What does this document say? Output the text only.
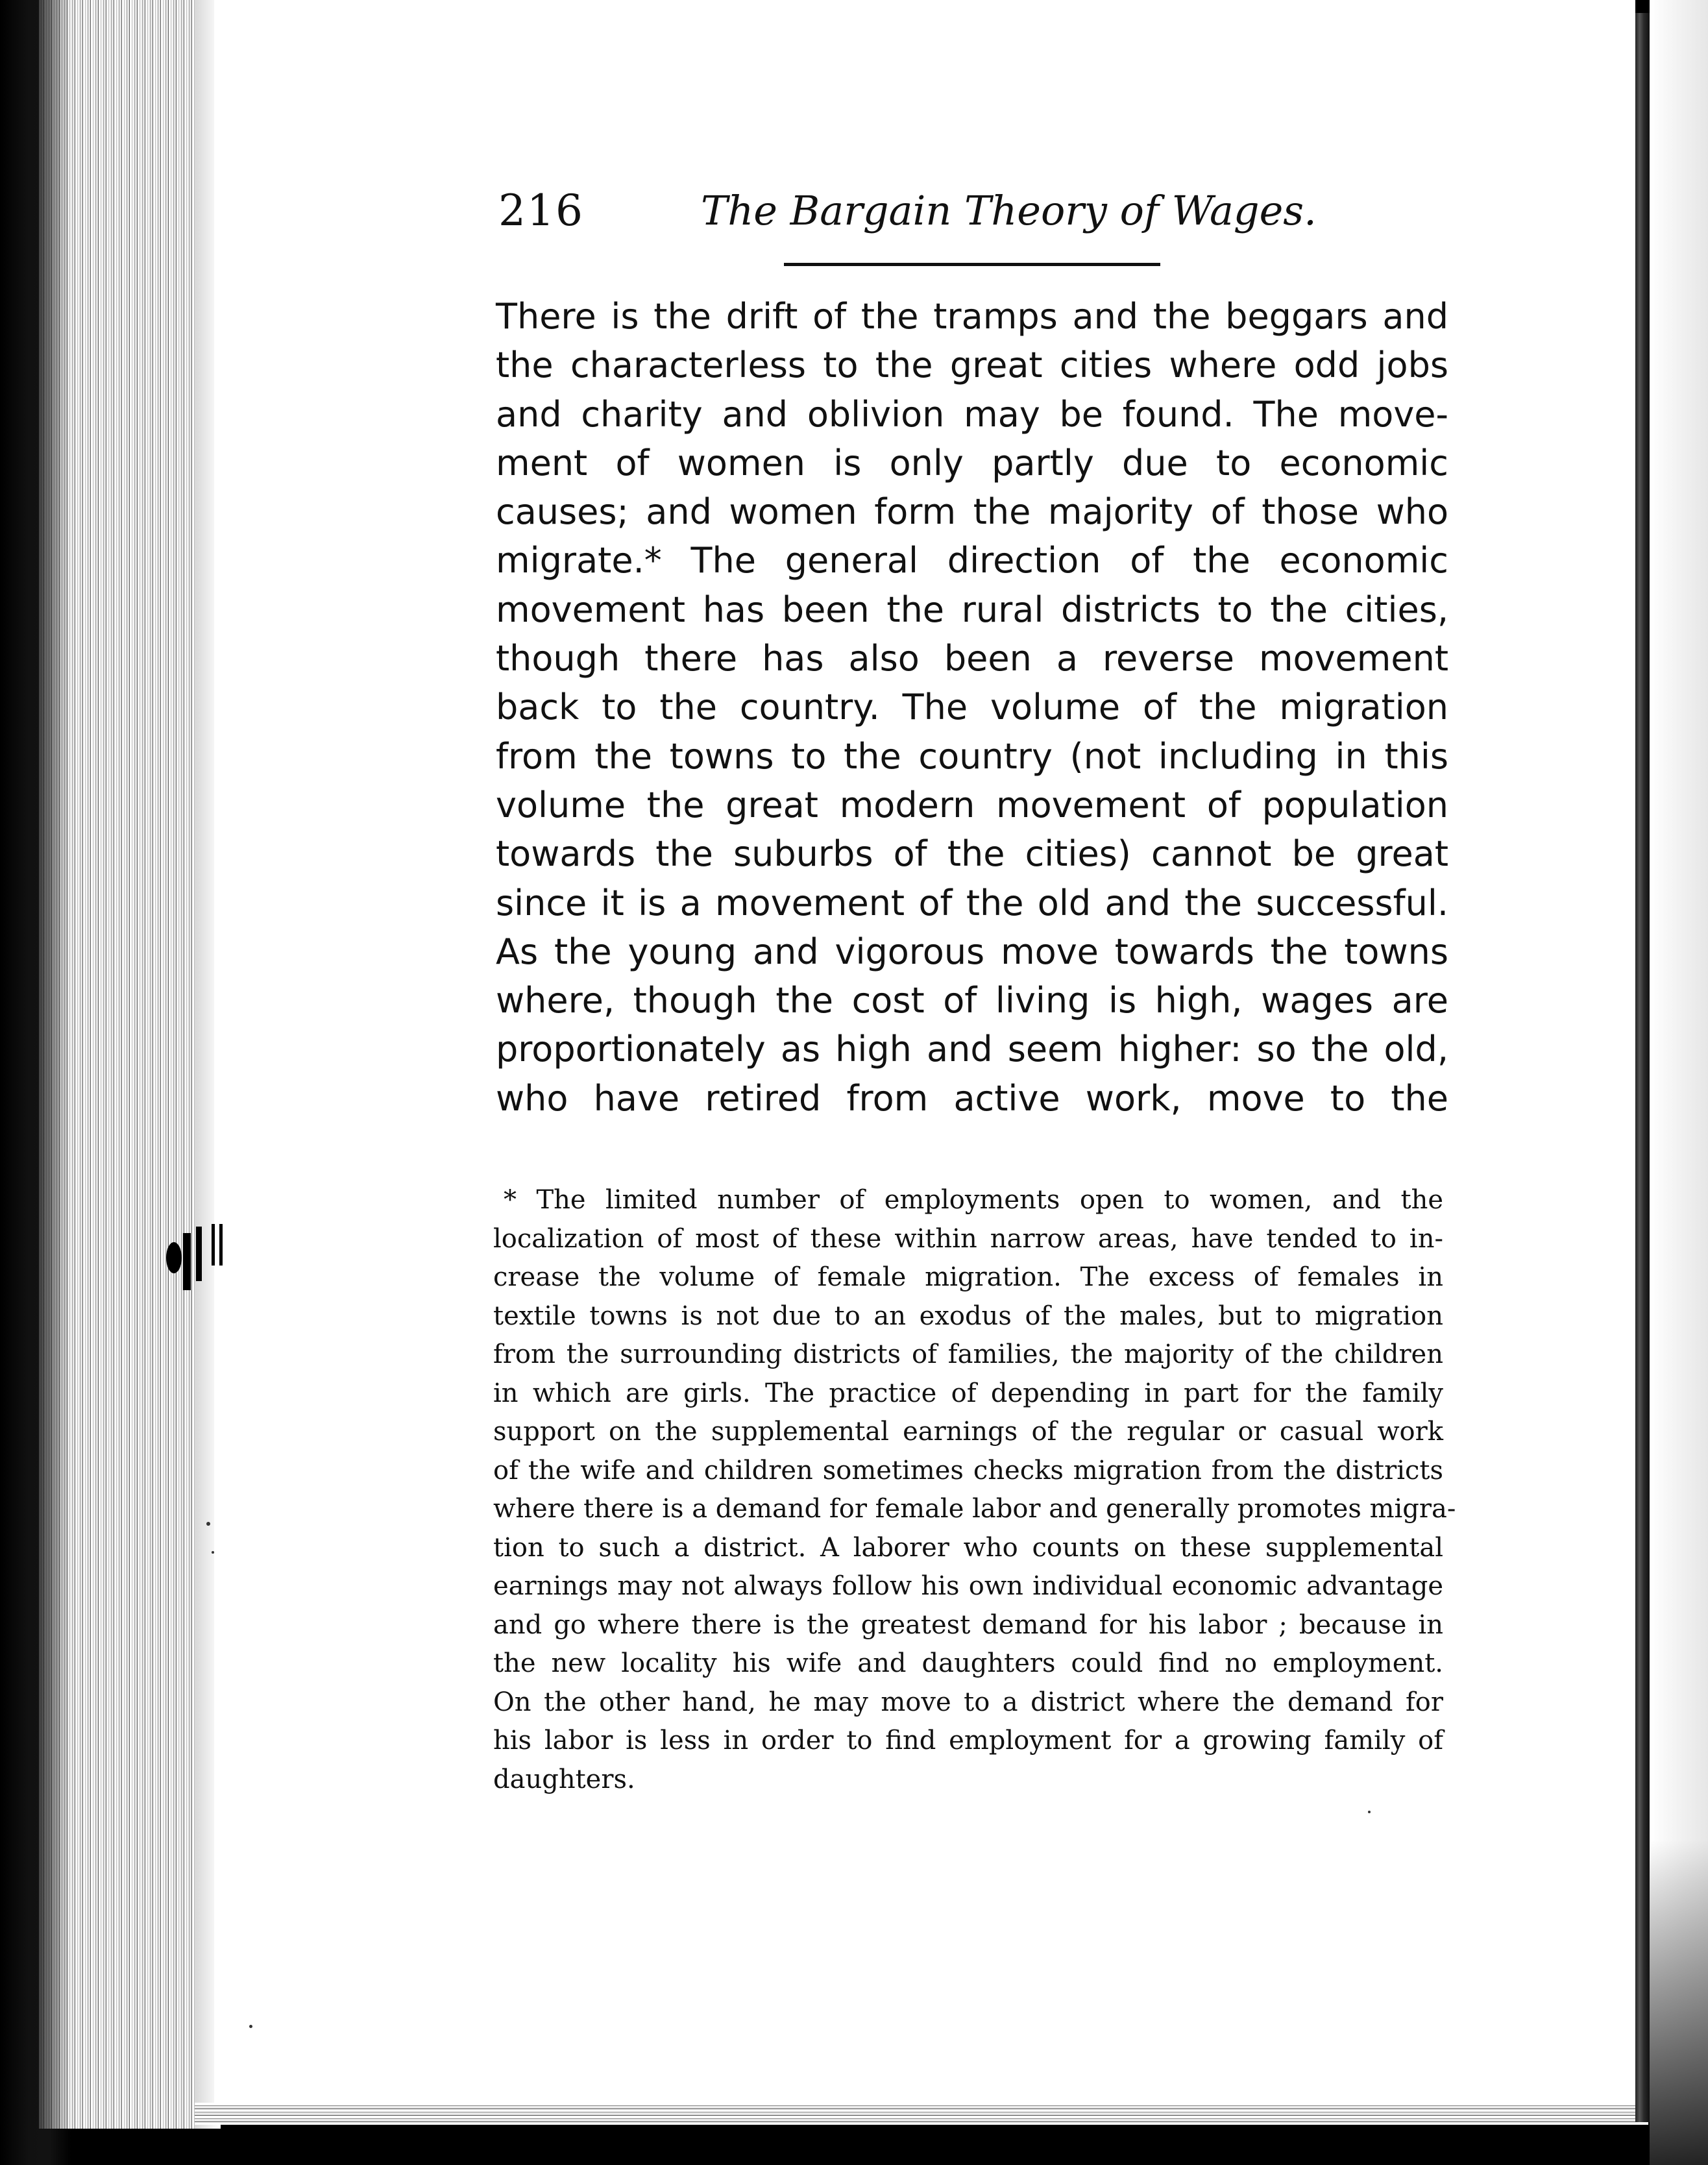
216	The Bargain Theory of Wages.
There is the drift of the tramps and the beggars and
the characterless to the great cities where odd jobs
and charity and oblivion may be found. The move-
ment of women is only partly due to economic
causes; and women form the majority of those who
migrate.* The general direction of the economic
movement has been the rural districts to the cities,
though there has also been a reverse movement
back to the country. The volume of the migration
from the towns to the country (not including in this
volume the great modern movement of population
towards the suburbs of the cities) cannot be great
since it is a movement of the old and the successful.
As the young and vigorous move towards the towns
where, though the cost of living is high, wages are
proportionately as high and seem higher: so the old,
who have retired from active work, move to the
* The limited number of employments open to women, and the
localization of most of these within narrow areas, have tended to in-
crease the volume of female migration. The excess of females in
textile towns is not due to an exodus of the males, but to migration
from the surrounding districts of families, the majority of the children
in which are girls. The practice of depending in part for the family
support on the supplemental earnings of the regular or casual work
of the wife and children sometimes checks migration from the districts
where there is a demand for female labor and generally promotes migra-
tion to such a district. A laborer who counts on these supplemental
earnings may not always follow his own individual economic advantage
and go where there is the greatest demand for his labor ; because in
the new locality his wife and daughters could find no employment.
On the other hand, he may move to a district where the demand for
his labor is less in order to find employment for a growing family of
daughters.
